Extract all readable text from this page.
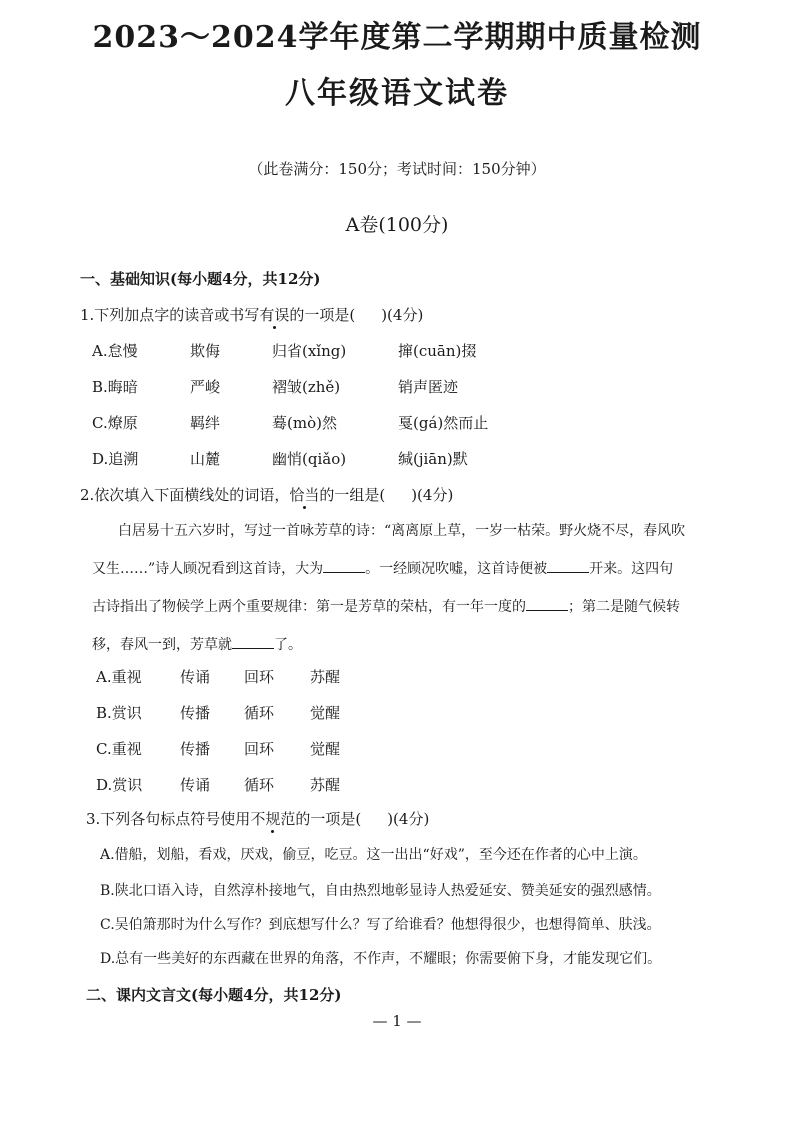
2023～2024学年度第二学期期中质量检测
八年级语文试卷
（此卷满分：150分；考试时间：150分钟）
A卷(100分)
一、基础知识(每小题4分，共12分)
1.下列加点字的读音或书写有误的一项是( )(4分)
A.怠慢	欺侮	归省(xǐng)	撺(cuān)掇
B.晦暗	严峻	褶皱(zhě)	销声匿迹
C.燎原	羁绊	蓦(mò)然	戛(gá)然而止
D.追溯	山麓	幽悄(qiǎo)	缄(jiān)默
2.依次填入下面横线处的词语，恰当的一组是( )(4分)
白居易十五六岁时，写过一首咏芳草的诗：“离离原上草，一岁一枯荣。野火烧不尽，春风吹
又生……”诗人顾况看到这首诗，大为	。一经顾况吹嘘，这首诗便被	开来。这四句
古诗指出了物候学上两个重要规律：第一是芳草的荣枯，有一年一度的	；第二是随气候转
移，春风一到，芳草就	了。
A.重视	传诵 回环 苏醒
B.赏识	传播 循环 觉醒
C.重视	传播 回环 觉醒
D.赏识	传诵 循环 苏醒
3.下列各句标点符号使用不规范的一项是( )(4分)
A.借船，划船，看戏，厌戏，偷豆，吃豆。这一出出“好戏”，至今还在作者的心中上演。
B.陕北口语入诗，自然淳朴接地气，自由热烈地彰显诗人热爱延安、赞美延安的强烈感情。
C.吴伯箫那时为什么写作？到底想写什么？写了给谁看？他想得很少，也想得简单、肤浅。
D.总有一些美好的东西藏在世界的角落，不作声，不耀眼；你需要俯下身，才能发现它们。
二、课内文言文(每小题4分，共12分)
— 1 —
